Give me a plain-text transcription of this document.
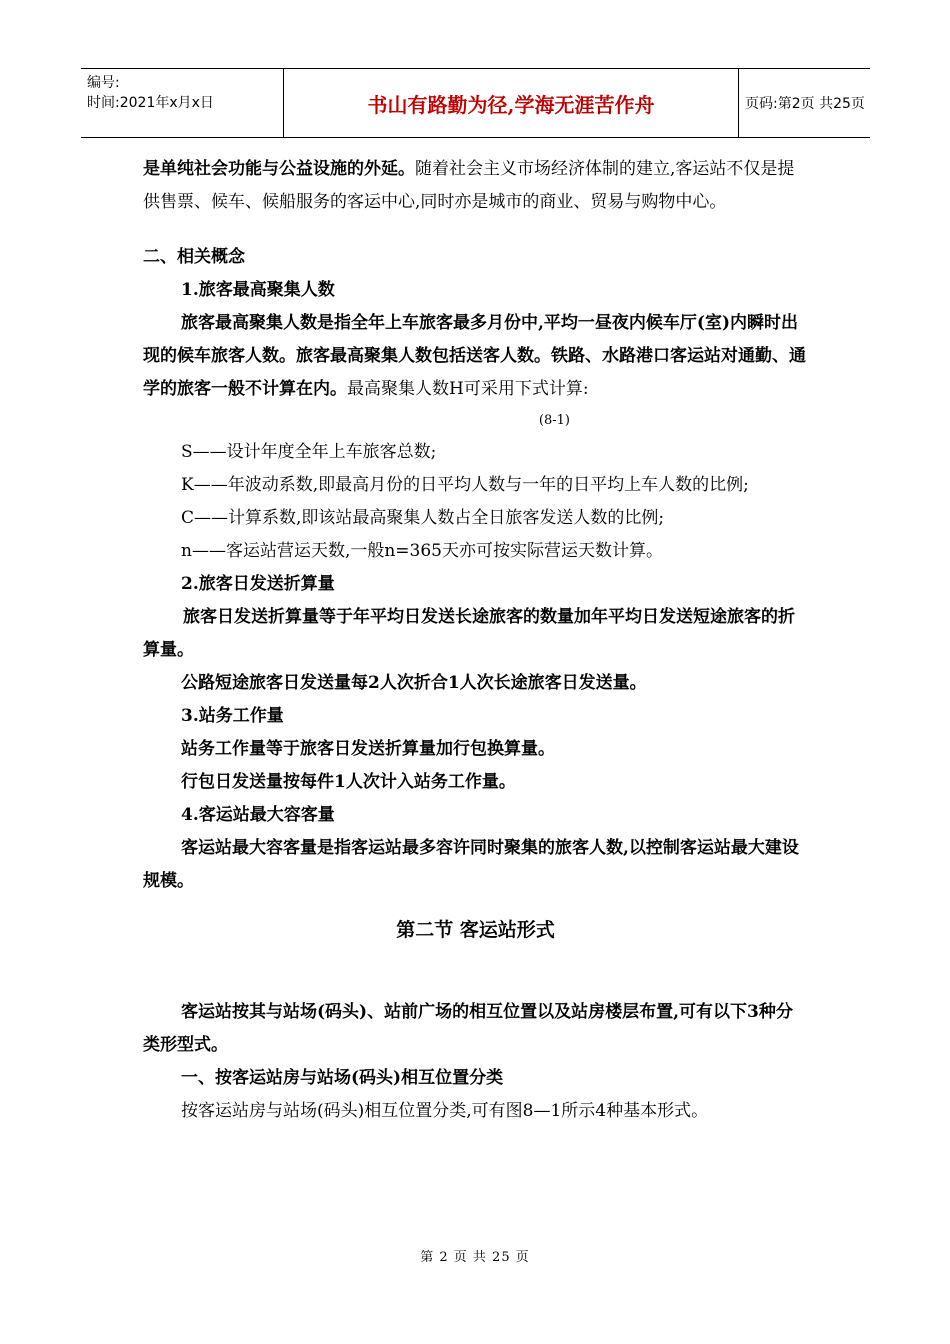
编号:
时间:2021年x月x日	书山有路勤为径,学海无涯苦作舟	页码:第2页 共25页

是单纯社会功能与公益设施的外延。随着社会主义市场经济体制的建立,客运站不仅是提供售票、候车、候船服务的客运中心,同时亦是城市的商业、贸易与购物中心。

二、相关概念

1.旅客最高聚集人数

旅客最高聚集人数是指全年上车旅客最多月份中,平均一昼夜内候车厅(室)内瞬时出现的候车旅客人数。旅客最高聚集人数包括送客人数。铁路、水路港口客运站对通勤、通学的旅客一般不计算在内。最高聚集人数H可采用下式计算:

(8-1)

S——设计年度全年上车旅客总数;

K——年波动系数,即最高月份的日平均人数与一年的日平均上车人数的比例;

C——计算系数,即该站最高聚集人数占全日旅客发送人数的比例;

n——客运站营运天数,一般n=365天亦可按实际营运天数计算。

2.旅客日发送折算量

旅客日发送折算量等于年平均日发送长途旅客的数量加年平均日发送短途旅客的折算量。

公路短途旅客日发送量每2人次折合1人次长途旅客日发送量。

3.站务工作量

站务工作量等于旅客日发送折算量加行包换算量。

行包日发送量按每件1人次计入站务工作量。

4.客运站最大容客量

客运站最大容客量是指客运站最多容许同时聚集的旅客人数,以控制客运站最大建设规模。

第二节 客运站形式

客运站按其与站场(码头)、站前广场的相互位置以及站房楼层布置,可有以下3种分类形型式。

一、按客运站房与站场(码头)相互位置分类

按客运站房与站场(码头)相互位置分类,可有图8—1所示4种基本形式。

第 2 页 共 25 页
